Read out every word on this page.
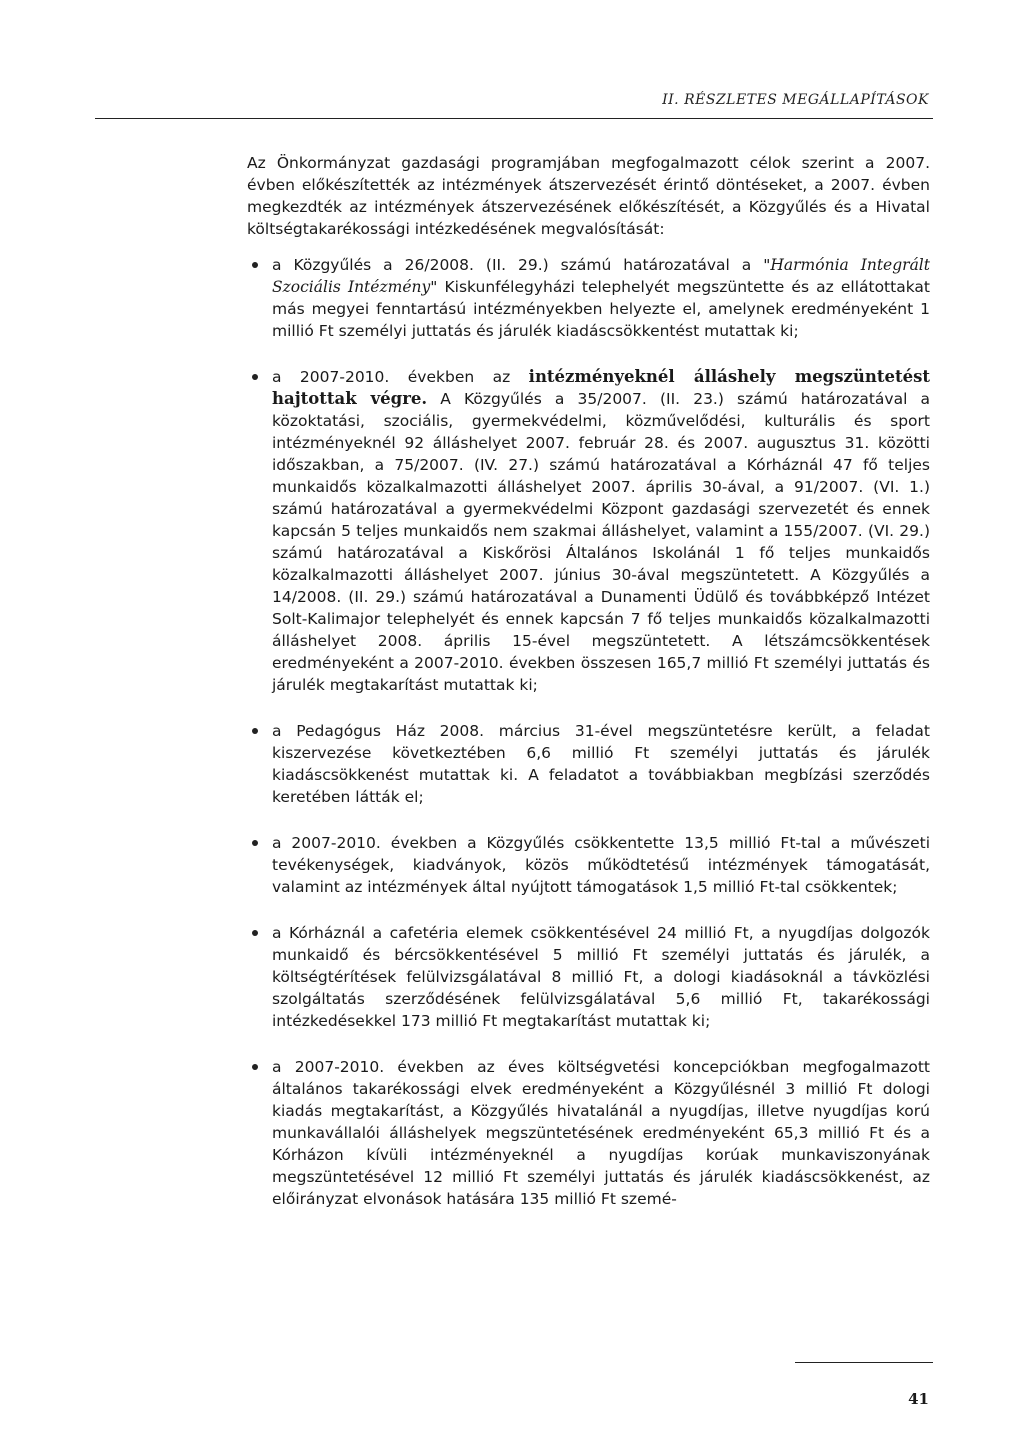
II. RÉSZLETES MEGÁLLAPÍTÁSOK

Az Önkormányzat gazdasági programjában megfogalmazott célok szerint a 2007. évben előkészítették az intézmények átszervezését érintő döntéseket, a 2007. évben megkezdték az intézmények átszervezésének előkészítését, a Közgyűlés és a Hivatal költségtakarékossági intézkedésének megvalósítását:

a Közgyűlés a 26/2008. (II. 29.) számú határozatával a "Harmónia Integrált Szociális Intézmény" Kiskunfélegyházi telephelyét megszüntette és az ellátottakat más megyei fenntartású intézményekben helyezte el, amelynek eredményeként 1 millió Ft személyi juttatás és járulék kiadáscsökkentést mutattak ki;
a 2007-2010. években az intézményeknél álláshely megszüntetést hajtottak végre. A Közgyűlés a 35/2007. (II. 23.) számú határozatával a közoktatási, szociális, gyermekvédelmi, közművelődési, kulturális és sport intézményeknél 92 álláshelyet 2007. február 28. és 2007. augusztus 31. közötti időszakban, a 75/2007. (IV. 27.) számú határozatával a Kórháznál 47 fő teljes munkaidős közalkalmazotti álláshelyet 2007. április 30-ával, a 91/2007. (VI. 1.) számú határozatával a gyermekvédelmi Központ gazdasági szervezetét és ennek kapcsán 5 teljes munkaidős nem szakmai álláshelyet, valamint a 155/2007. (VI. 29.) számú határozatával a Kiskőrösi Általános Iskolánál 1 fő teljes munkaidős közalkalmazotti álláshelyet 2007. június 30-ával megszüntetett. A Közgyűlés a 14/2008. (II. 29.) számú határozatával a Dunamenti Üdülő és továbbképző Intézet Solt-Kalimajor telephelyét és ennek kapcsán 7 fő teljes munkaidős közalkalmazotti álláshelyet 2008. április 15-ével megszüntetett. A létszámcsökkentések eredményeként a 2007-2010. években összesen 165,7 millió Ft személyi juttatás és járulék megtakarítást mutattak ki;
a Pedagógus Ház 2008. március 31-ével megszüntetésre került, a feladat kiszervezése következtében 6,6 millió Ft személyi juttatás és járulék kiadáscsökkenést mutattak ki. A feladatot a továbbiakban megbízási szerződés keretében látták el;
a 2007-2010. években a Közgyűlés csökkentette 13,5 millió Ft-tal a művészeti tevékenységek, kiadványok, közös működtetésű intézmények támogatását, valamint az intézmények által nyújtott támogatások 1,5 millió Ft-tal csökkentek;
a Kórháznál a cafetéria elemek csökkentésével 24 millió Ft, a nyugdíjas dolgozók munkaidő és bércsökkentésével 5 millió Ft személyi juttatás és járulék, a költségtérítések felülvizsgálatával 8 millió Ft, a dologi kiadásoknál a távközlési szolgáltatás szerződésének felülvizsgálatával 5,6 millió Ft, takarékossági intézkedésekkel 173 millió Ft megtakarítást mutattak ki;
a 2007-2010. években az éves költségvetési koncepciókban megfogalmazott általános takarékossági elvek eredményeként a Közgyűlésnél 3 millió Ft dologi kiadás megtakarítást, a Közgyűlés hivatalánál a nyugdíjas, illetve nyugdíjas korú munkavállalói álláshelyek megszüntetésének eredményeként 65,3 millió Ft és a Kórházon kívüli intézményeknél a nyugdíjas korúak munkaviszonyának megszüntetésével 12 millió Ft személyi juttatás és járulék kiadáscsökkenést, az előirányzat elvonások hatására 135 millió Ft szemé-
41
